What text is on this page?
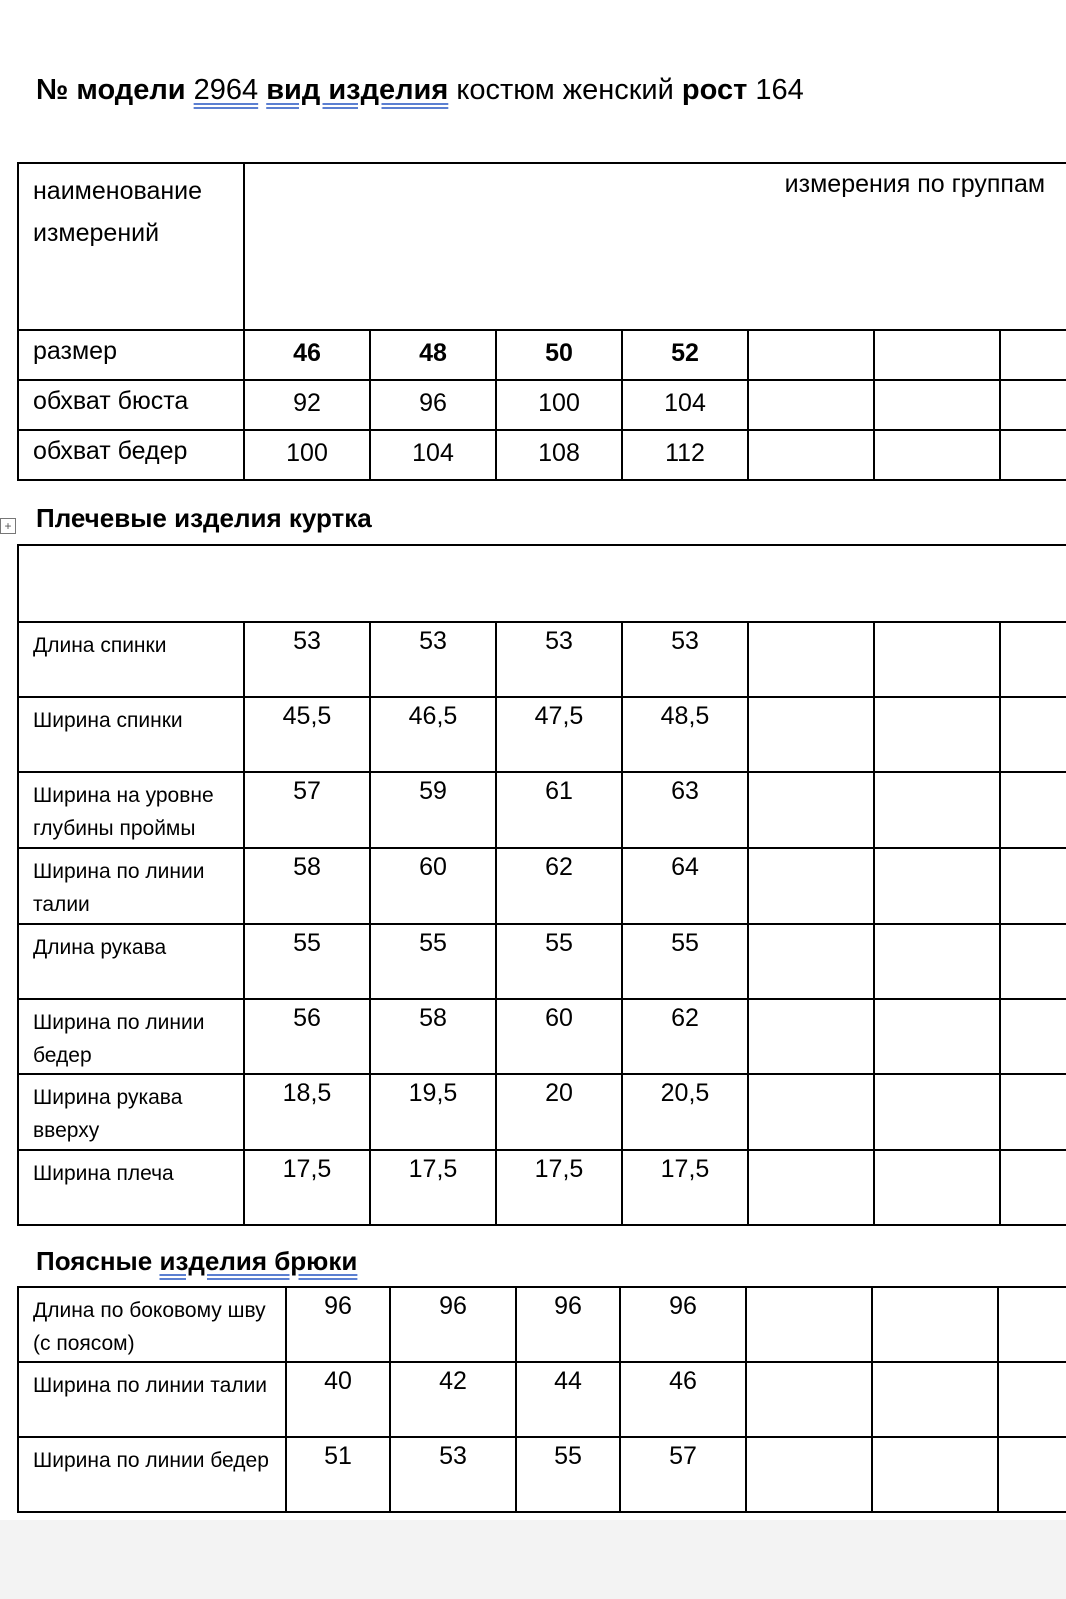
№ модели 2964 вид изделия костюм женский рост 164
наименование измерений	измерения по группам						
размер	46	48	50	52			
обхват бюста	92	96	100	104			
обхват бедер	100	104	108	112			
+ Плечевые изделия куртка

Длина спинки	53	53	53	53			
Ширина спинки	45,5	46,5	47,5	48,5			
Ширина на уровне глубины проймы	57	59	61	63			
Ширина по линии талии	58	60	62	64			
Длина рукава	55	55	55	55			
Ширина по линии бедер	56	58	60	62			
Ширина рукава вверху	18,5	19,5	20	20,5			
Ширина плеча	17,5	17,5	17,5	17,5			
Поясные изделия брюки
Длина по боковому шву (с поясом)	96	96	96	96			
Ширина по линии талии	40	42	44	46			
Ширина по линии бедер	51	53	55	57			
